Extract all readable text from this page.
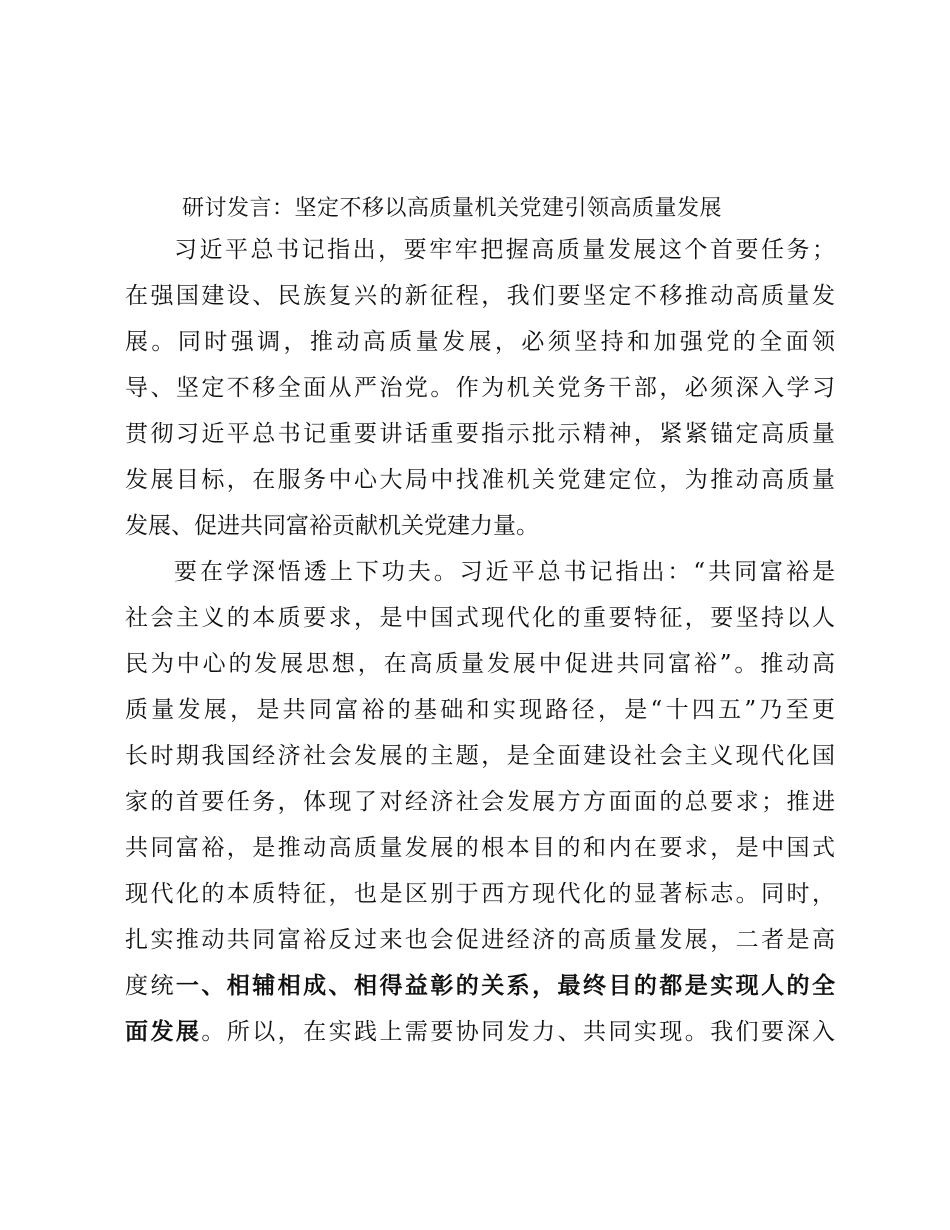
研讨发言：坚定不移以高质量机关党建引领高质量发展
习近平总书记指出，要牢牢把握高质量发展这个首要任务；
在强国建设、民族复兴的新征程，我们要坚定不移推动高质量发
展。同时强调，推动高质量发展，必须坚持和加强党的全面领
导、坚定不移全面从严治党。作为机关党务干部，必须深入学习
贯彻习近平总书记重要讲话重要指示批示精神，紧紧锚定高质量
发展目标，在服务中心大局中找准机关党建定位，为推动高质量
发展、促进共同富裕贡献机关党建力量。
要在学深悟透上下功夫。习近平总书记指出：“共同富裕是
社会主义的本质要求，是中国式现代化的重要特征，要坚持以人
民为中心的发展思想，在高质量发展中促进共同富裕”。推动高
质量发展，是共同富裕的基础和实现路径，是“十四五”乃至更
长时期我国经济社会发展的主题，是全面建设社会主义现代化国
家的首要任务，体现了对经济社会发展方方面面的总要求；推进
共同富裕，是推动高质量发展的根本目的和内在要求，是中国式
现代化的本质特征，也是区别于西方现代化的显著标志。同时，
扎实推动共同富裕反过来也会促进经济的高质量发展，二者是高
度统一、相辅相成、相得益彰的关系，最终目的都是实现人的全
面发展。所以，在实践上需要协同发力、共同实现。我们要深入
